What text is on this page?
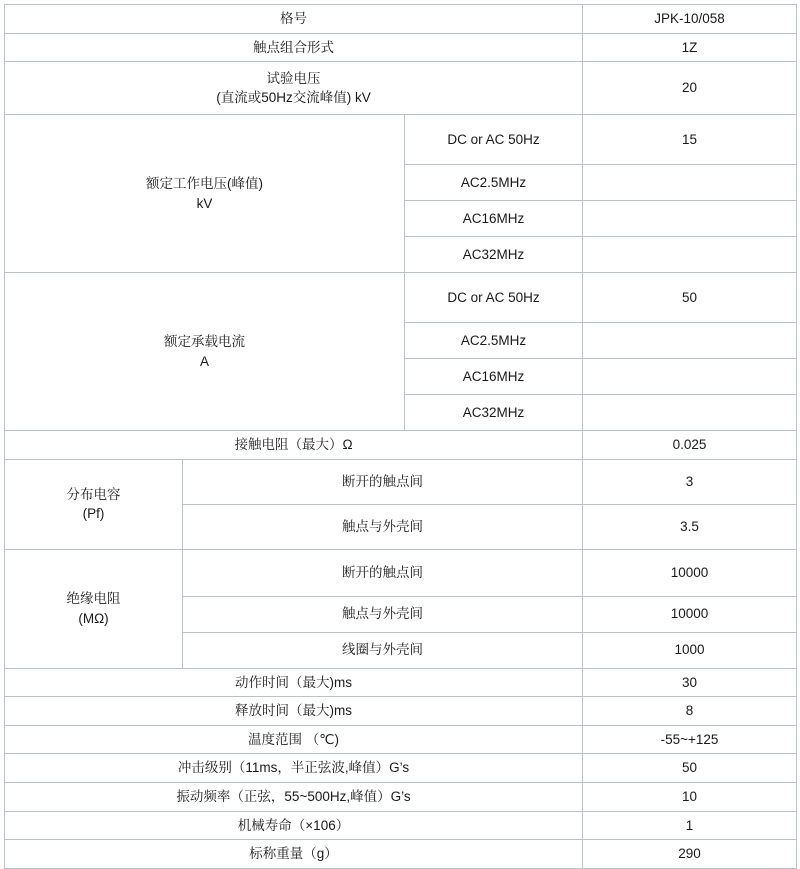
格号			JPK-10/058
触点组合形式			1Z

试验电压
(直流或50Hz交流峰值) kV			20

额定工作电压(峰值)
kV		DC or AC 50Hz	15
		AC2.5MHz	
		AC16MHz	
		AC32MHz	

额定承载电流
A		DC or AC 50Hz	50
		AC2.5MHz	
		AC16MHz	
		AC32MHz	
接触电阻（最大）Ω			0.025

分布电容
(Pf)	断开的触点间		3
	触点与外壳间		3.5

绝缘电阻
(MΩ)	断开的触点间		10000
	触点与外壳间		10000
	线圈与外壳间		1000
动作时间（最大)ms			30
释放时间（最大)ms			8
温度范围 （℃)			-55~+125
冲击级别（11ms，半正弦波,峰值）G’s			50
振动频率（正弦，55~500Hz,峰值）G’s			10
机械寿命（×106）			1
标称重量（g）			290
